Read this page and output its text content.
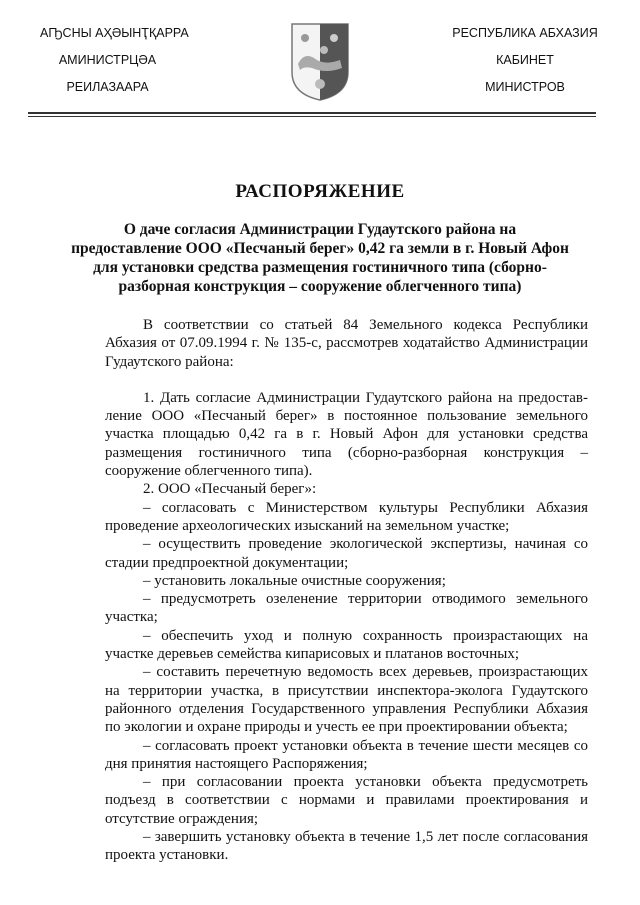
АҦСНЫ АҲӘЫНҬҚАРРА
АМИНИСТРЦӘА
РЕИЛАЗААРА
РЕСПУБЛИКА АБХАЗИЯ
КАБИНЕТ
МИНИСТРОВ
РАСПОРЯЖЕНИЕ
О даче согласия Администрации Гудаутского района на
предоставление ООО «Песчаный берег» 0,42 га земли в г. Новый Афон
для установки средства размещения гостиничного типа (сборно-
разборная конструкция – сооружение облегченного типа)
В соответствии со статьей 84 Земельного кодекса Республики
Абхазия от 07.09.1994 г. № 135-с, рассмотрев ходатайство Администрации
Гудаутского района:
1. Дать согласие Администрации Гудаутского района на предостав-
ление ООО «Песчаный берег» в постоянное пользование земельного
участка площадью 0,42 га в г. Новый Афон для установки средства
размещения гостиничного типа (сборно-разборная конструкция –
сооружение облегченного типа).
2. ООО «Песчаный берег»:
– согласовать с Министерством культуры Республики Абхазия
проведение археологических изысканий на земельном участке;
– осуществить проведение экологической экспертизы, начиная со
стадии предпроектной документации;
– установить локальные очистные сооружения;
– предусмотреть озеленение территории отводимого земельного
участка;
– обеспечить уход и полную сохранность произрастающих на
участке деревьев семейства кипарисовых и платанов восточных;
– составить перечетную ведомость всех деревьев, произрастающих
на территории участка, в присутствии инспектора-эколога Гудаутского
районного отделения Государственного управления Республики Абхазия
по экологии и охране природы и учесть ее при проектировании объекта;
– согласовать проект установки объекта в течение шести месяцев со
дня принятия настоящего Распоряжения;
– при согласовании проекта установки объекта предусмотреть
подъезд в соответствии с нормами и правилами проектирования и
отсутствие ограждения;
– завершить установку объекта в течение 1,5 лет после согласования
проекта установки.
